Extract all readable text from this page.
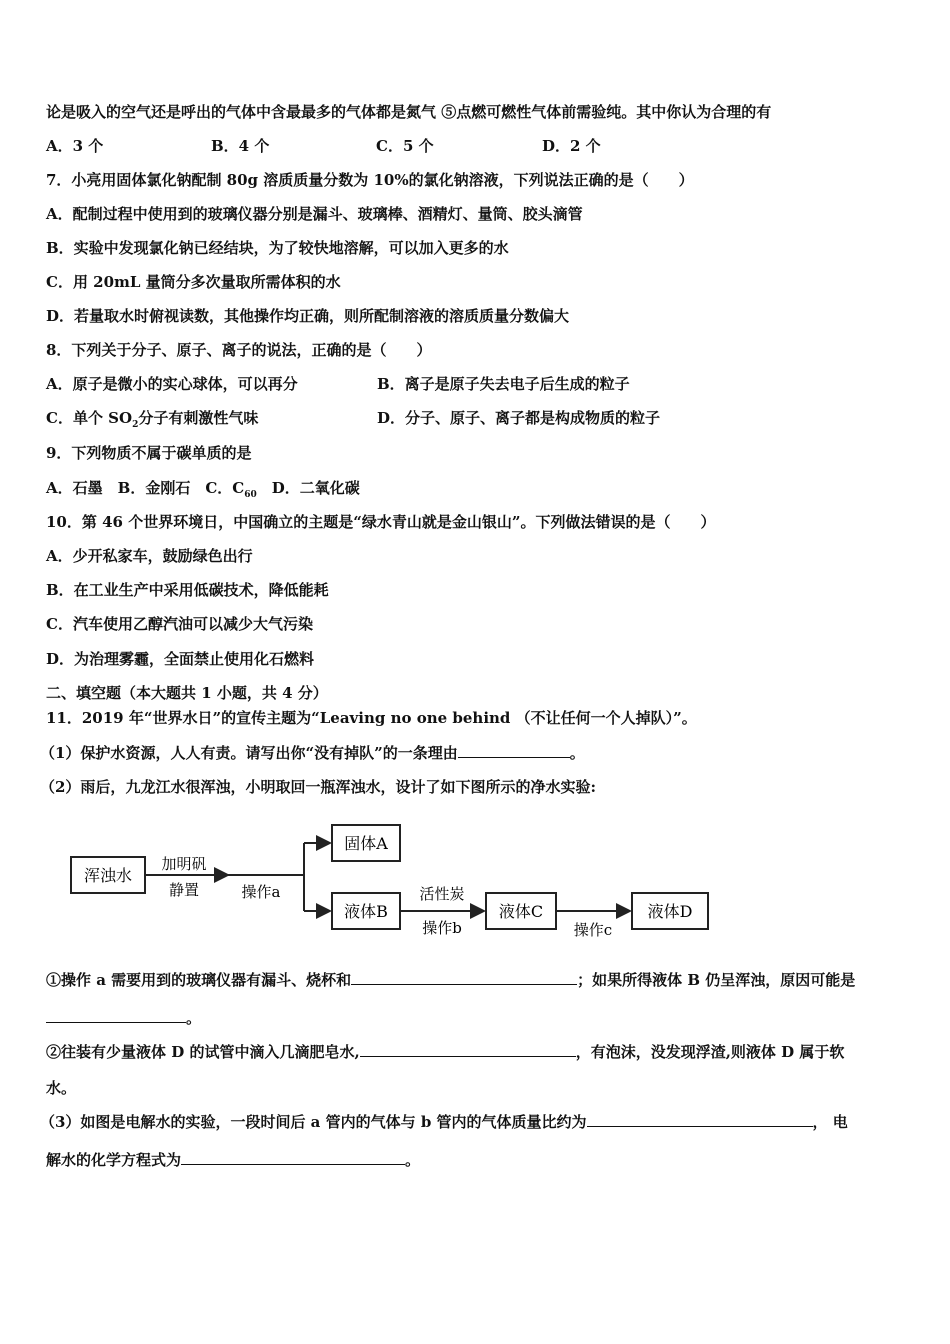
论是吸入的空气还是呼出的气体中含最最多的气体都是氮气 ⑤点燃可燃性气体前需验纯。其中你认为合理的有
A．3 个	B．4 个	C．5 个	D．2 个
7．小亮用固体氯化钠配制 80g 溶质质量分数为 10%的氯化钠溶液，下列说法正确的是（　　）
A．配制过程中使用到的玻璃仪器分别是漏斗、玻璃棒、酒精灯、量筒、胶头滴管
B．实验中发现氯化钠已经结块，为了较快地溶解，可以加入更多的水
C．用 20mL 量筒分多次量取所需体积的水
D．若量取水时俯视读数，其他操作均正确，则所配制溶液的溶质质量分数偏大
8．下列关于分子、原子、离子的说法，正确的是（　　）
A．原子是微小的实心球体，可以再分	B．离子是原子失去电子后生成的粒子
C．单个 $SO_2$分子有刺激性气味	D．分子、原子、离子都是构成物质的粒子
9．下列物质不属于碳单质的是
A．石墨　B．金刚石　C．$C_{60}$　D．二氧化碳
10．第 46 个世界环境日，中国确立的主题是“绿水青山就是金山银山”。下列做法错误的是（　　）
A．少开私家车，鼓励绿色出行
B．在工业生产中采用低碳技术，降低能耗
C．汽车使用乙醇汽油可以减少大气污染
D．为治理雾霾，全面禁止使用化石燃料
二、填空题（本大题共 1 小题，共 4 分）
11．2019 年“世界水日”的宣传主题为“Leaving no one behind （不让任何一个人掉队）”。
（1）保护水资源，人人有责。请写出你“没有掉队”的一条理由	。
（2）雨后，九龙江水很浑浊，小明取回一瓶浑浊水，设计了如下图所示的净水实验:
浑浊水
加明矾
静置	操作a
固体A
液体B
活性炭
操作b
液体C
操作c
液体D
①操作 a 需要用到的玻璃仪器有漏斗、烧杯和	；如果所得液体 B 仍呈浑浊，原因可能是
。
②往装有少量液体 D 的试管中滴入几滴肥皂水,	，有泡沫，没发现浮渣,则液体 D 属于软
水。
（3）如图是电解水的实验，一段时间后 a 管内的气体与 b 管内的气体质量比约为	， 电
解水的化学方程式为	。
